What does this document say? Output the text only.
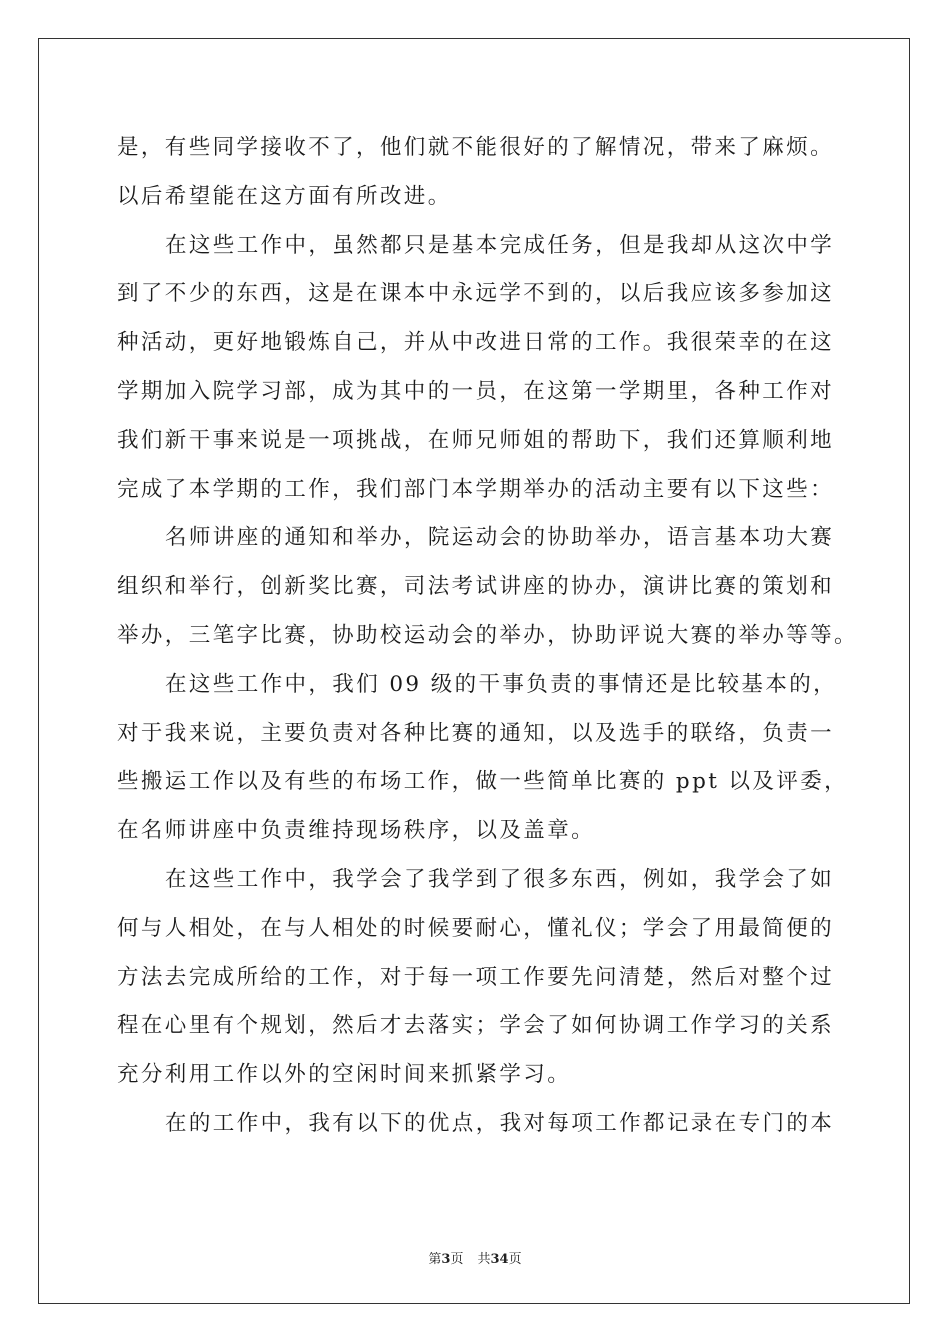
是，有些同学接收不了，他们就不能很好的了解情况，带来了麻烦。
以后希望能在这方面有所改进。
在这些工作中，虽然都只是基本完成任务，但是我却从这次中学
到了不少的东西，这是在课本中永远学不到的，以后我应该多参加这
种活动，更好地锻炼自己，并从中改进日常的工作。我很荣幸的在这
学期加入院学习部，成为其中的一员，在这第一学期里，各种工作对
我们新干事来说是一项挑战，在师兄师姐的帮助下，我们还算顺利地
完成了本学期的工作，我们部门本学期举办的活动主要有以下这些：
名师讲座的通知和举办，院运动会的协助举办，语言基本功大赛
组织和举行，创新奖比赛，司法考试讲座的协办，演讲比赛的策划和
举办，三笔字比赛，协助校运动会的举办，协助评说大赛的举办等等。
在这些工作中，我们 09 级的干事负责的事情还是比较基本的，
对于我来说，主要负责对各种比赛的通知，以及选手的联络，负责一
些搬运工作以及有些的布场工作，做一些简单比赛的 ppt 以及评委，
在名师讲座中负责维持现场秩序，以及盖章。
在这些工作中，我学会了我学到了很多东西，例如，我学会了如
何与人相处，在与人相处的时候要耐心，懂礼仪；学会了用最简便的
方法去完成所给的工作，对于每一项工作要先问清楚，然后对整个过
程在心里有个规划，然后才去落实；学会了如何协调工作学习的关系
充分利用工作以外的空闲时间来抓紧学习。
在的工作中，我有以下的优点，我对每项工作都记录在专门的本
第3页 共34页
